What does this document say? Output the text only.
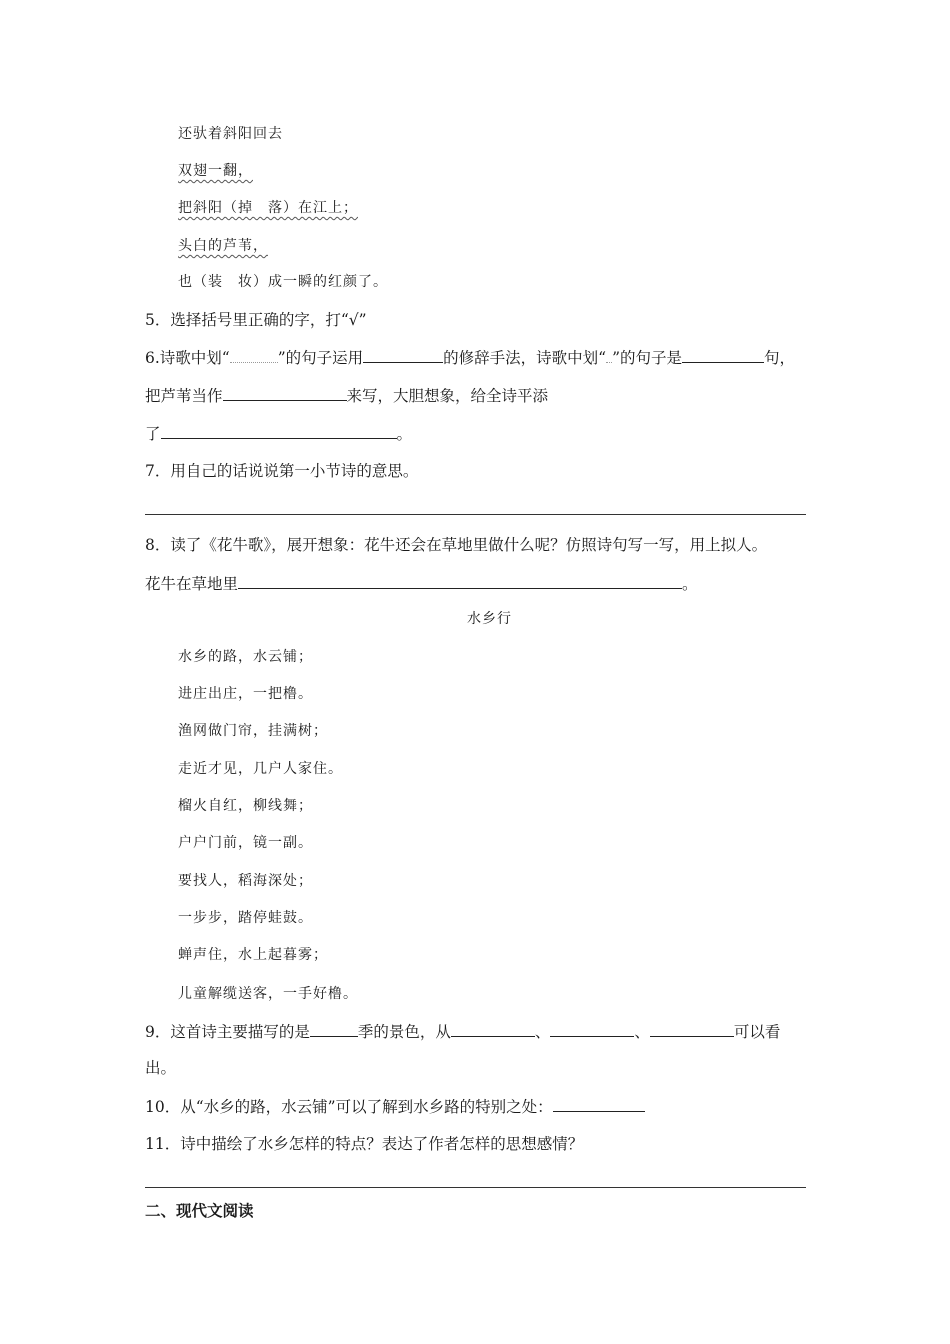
还驮着斜阳回去
双翅一翻，
把斜阳（掉　落）在江上；
头白的芦苇，
也（装　妆）成一瞬的红颜了。
5．选择括号里正确的字，打“√”
6.诗歌中划“	”的句子运用	的修辞手法，诗歌中划“ ”的句子是	句，
把芦苇当作	来写，大胆想象，给全诗平添
了	。
7．用自己的话说说第一小节诗的意思。
8．读了《花牛歌》，展开想象：花牛还会在草地里做什么呢？仿照诗句写一写，用上拟人。
花牛在草地里	。
水乡行
水乡的路，水云铺；
进庄出庄，一把橹。
渔网做门帘，挂满树；
走近才见，几户人家住。
榴火自红，柳线舞；
户户门前，镜一副。
要找人，稻海深处；
一步步，踏停蛙鼓。
蝉声住，水上起暮雾；
儿童解缆送客，一手好橹。
9．这首诗主要描写的是	季的景色，从	、	、	可以看
出。
10．从“水乡的路，水云铺”可以了解到水乡路的特别之处：
11．诗中描绘了水乡怎样的特点？表达了作者怎样的思想感情？
二、现代文阅读
